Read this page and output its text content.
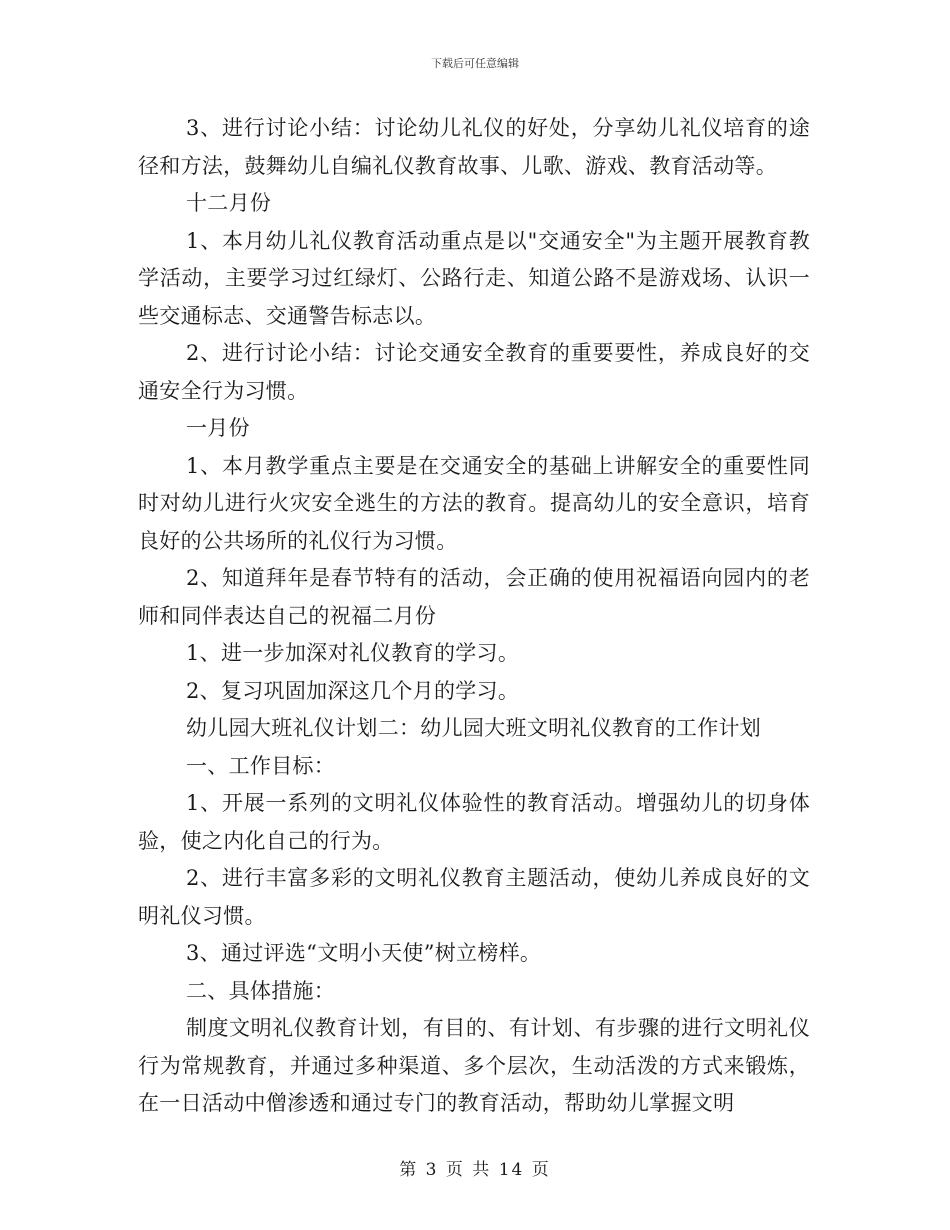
下载后可任意编辑

3、进行讨论小结：讨论幼儿礼仪的好处，分享幼儿礼仪培育的途径和方法，鼓舞幼儿自编礼仪教育故事、儿歌、游戏、教育活动等。

十二月份

1、本月幼儿礼仪教育活动重点是以"交通安全"为主题开展教育教学活动，主要学习过红绿灯、公路行走、知道公路不是游戏场、认识一些交通标志、交通警告标志以。

2、进行讨论小结：讨论交通安全教育的重要要性，养成良好的交通安全行为习惯。

一月份

1、本月教学重点主要是在交通安全的基础上讲解安全的重要性同时对幼儿进行火灾安全逃生的方法的教育。提高幼儿的安全意识，培育良好的公共场所的礼仪行为习惯。

2、知道拜年是春节特有的活动，会正确的使用祝福语向园内的老师和同伴表达自己的祝福二月份

1、进一步加深对礼仪教育的学习。

2、复习巩固加深这几个月的学习。

幼儿园大班礼仪计划二：幼儿园大班文明礼仪教育的工作计划

一、工作目标：

1、开展一系列的文明礼仪体验性的教育活动。增强幼儿的切身体验，使之内化自己的行为。

2、进行丰富多彩的文明礼仪教育主题活动，使幼儿养成良好的文明礼仪习惯。

3、通过评选“文明小天使”树立榜样。

二、具体措施：

制度文明礼仪教育计划，有目的、有计划、有步骤的进行文明礼仪行为常规教育，并通过多种渠道、多个层次，生动活泼的方式来锻炼，在一日活动中僧渗透和通过专门的教育活动，帮助幼儿掌握文明

第 3 页 共 14 页
